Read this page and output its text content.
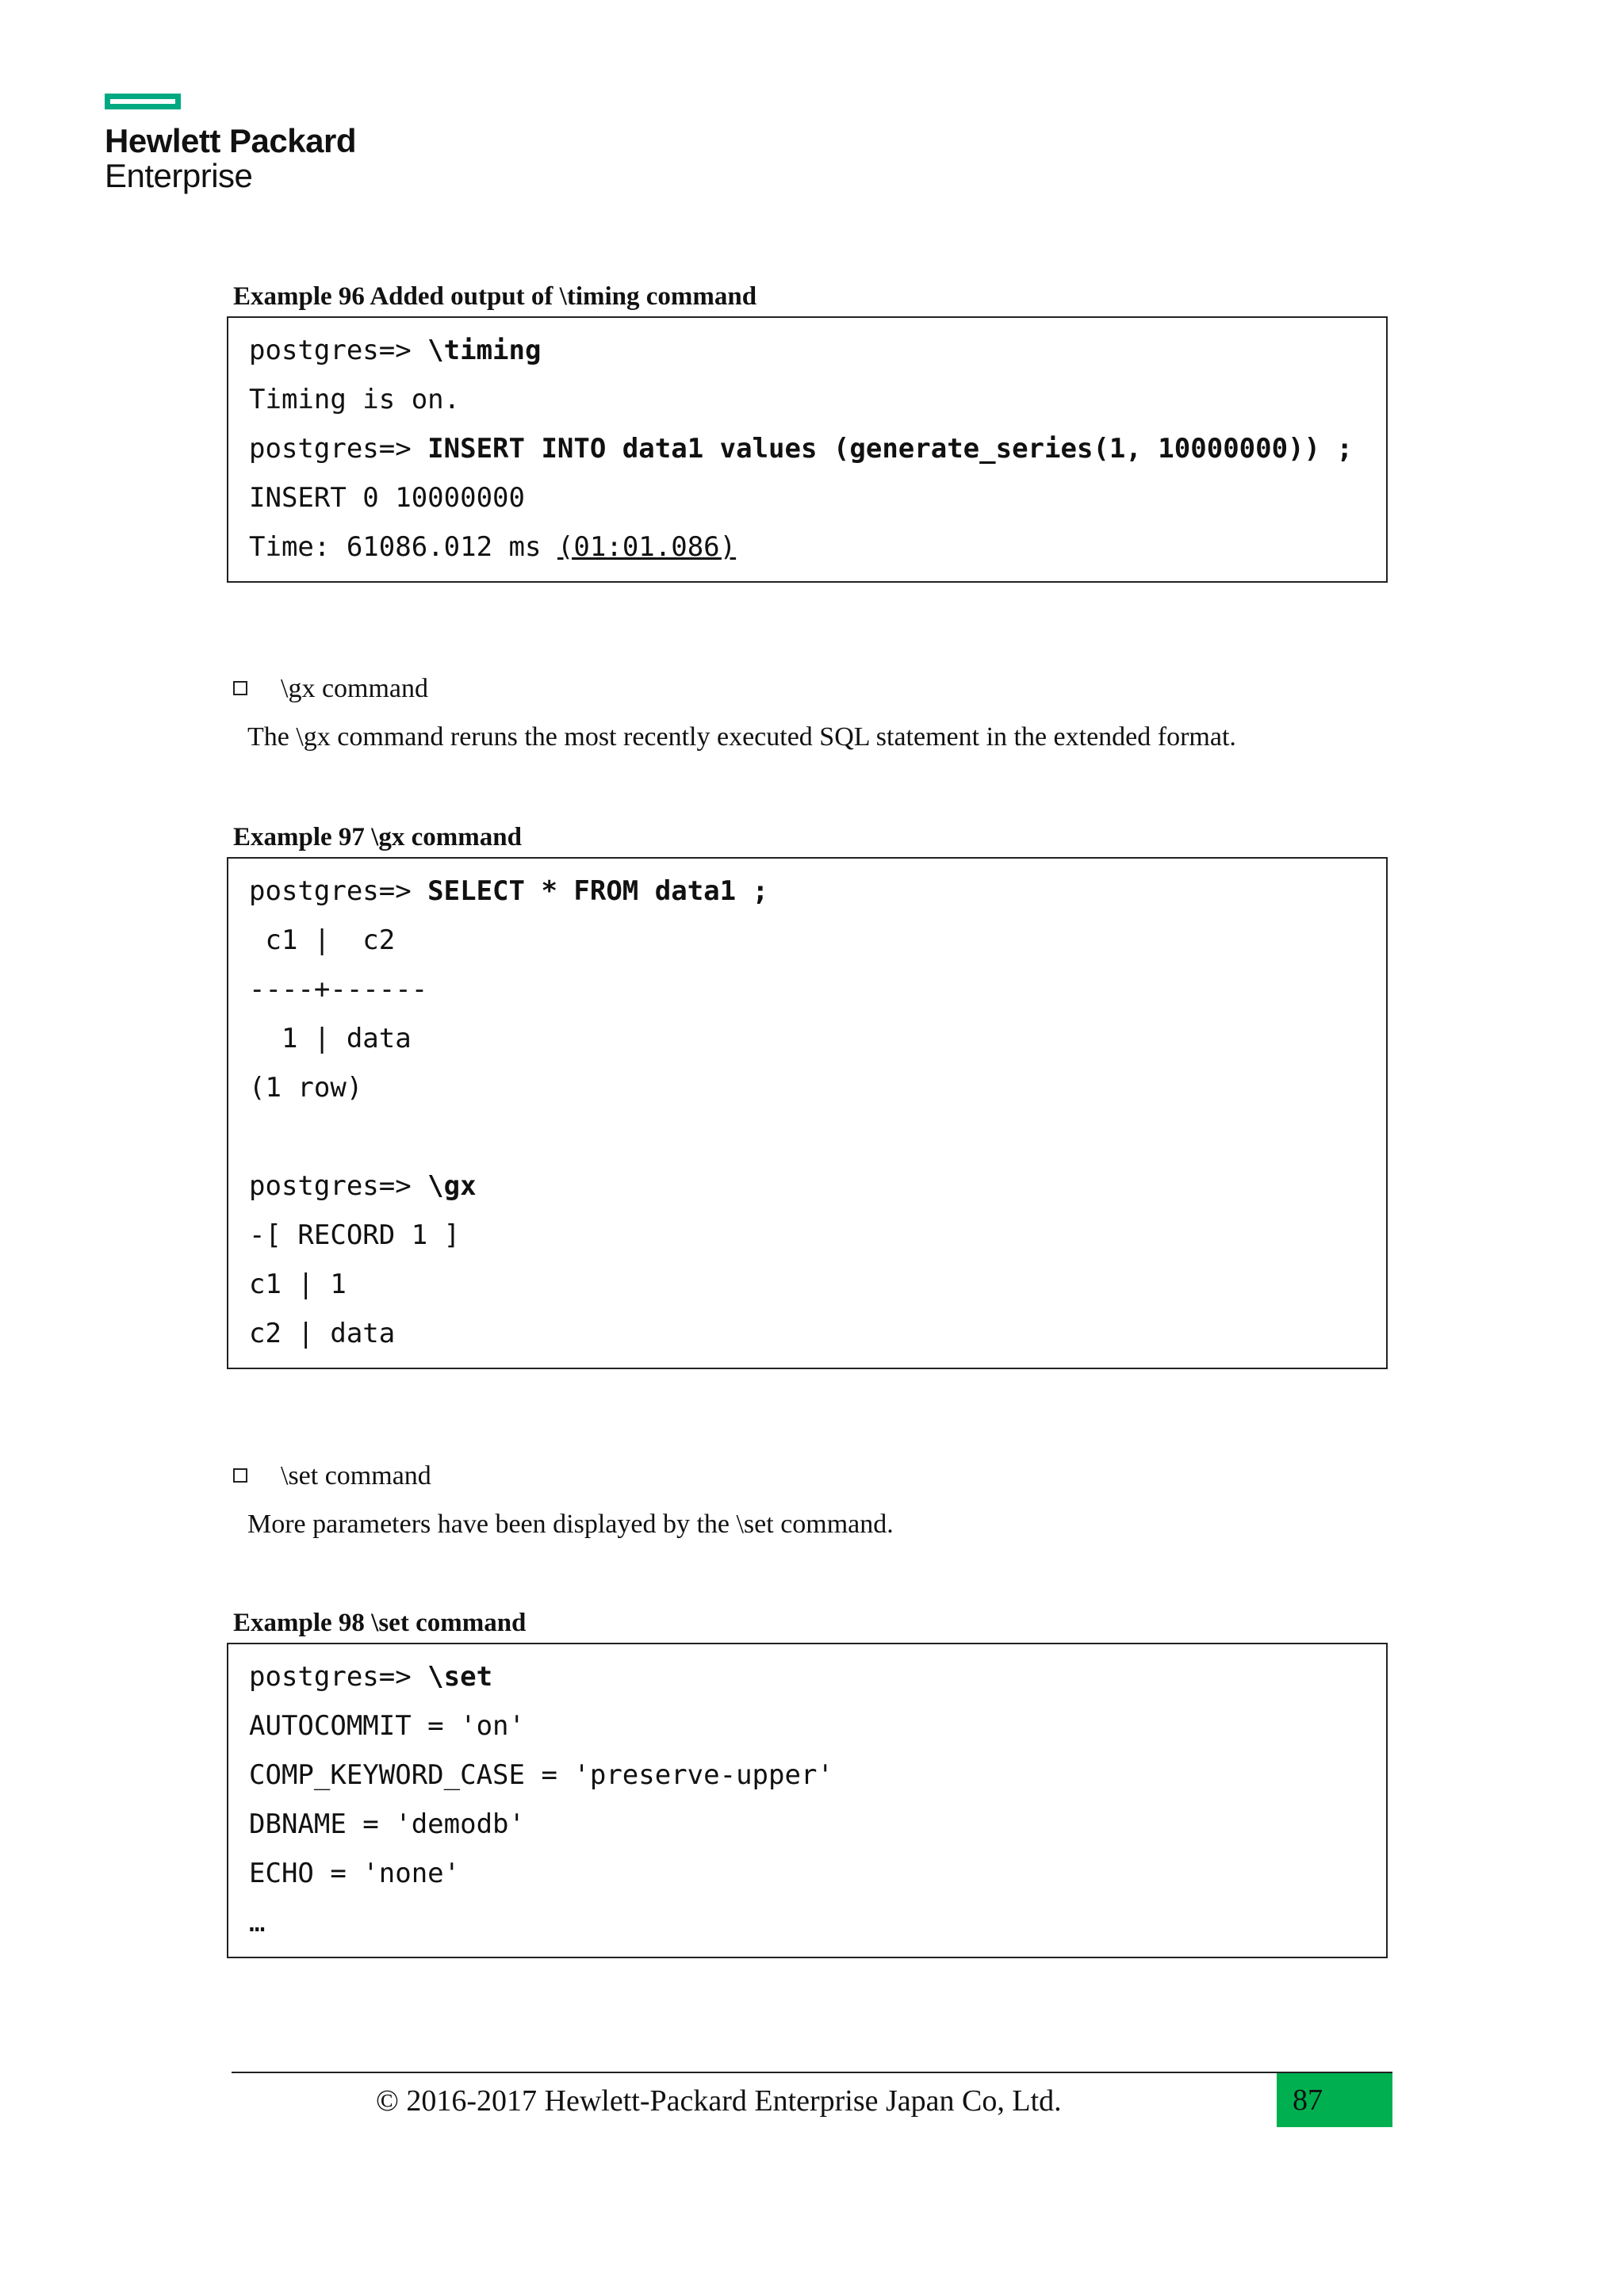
Hewlett Packard
Enterprise
Example 96 Added output of \timing command
postgres=> \timing
Timing is on.
postgres=> INSERT INTO data1 values (generate_series(1, 10000000)) ;
INSERT 0 10000000
Time: 61086.012 ms (01:01.086)
\gx command
The \gx command reruns the most recently executed SQL statement in the extended format.
Example 97 \gx command
postgres=> SELECT * FROM data1 ;
c1 |  c2
----+------
1 | data
(1 row)
postgres=> \gx
-[ RECORD 1 ]
c1 | 1
c2 | data
\set command
More parameters have been displayed by the \set command.
Example 98 \set command
postgres=> \set
AUTOCOMMIT = 'on'
COMP_KEYWORD_CASE = 'preserve-upper'
DBNAME = 'demodb'
ECHO = 'none'
…
© 2016-2017 Hewlett-Packard Enterprise Japan Co, Ltd.	87
